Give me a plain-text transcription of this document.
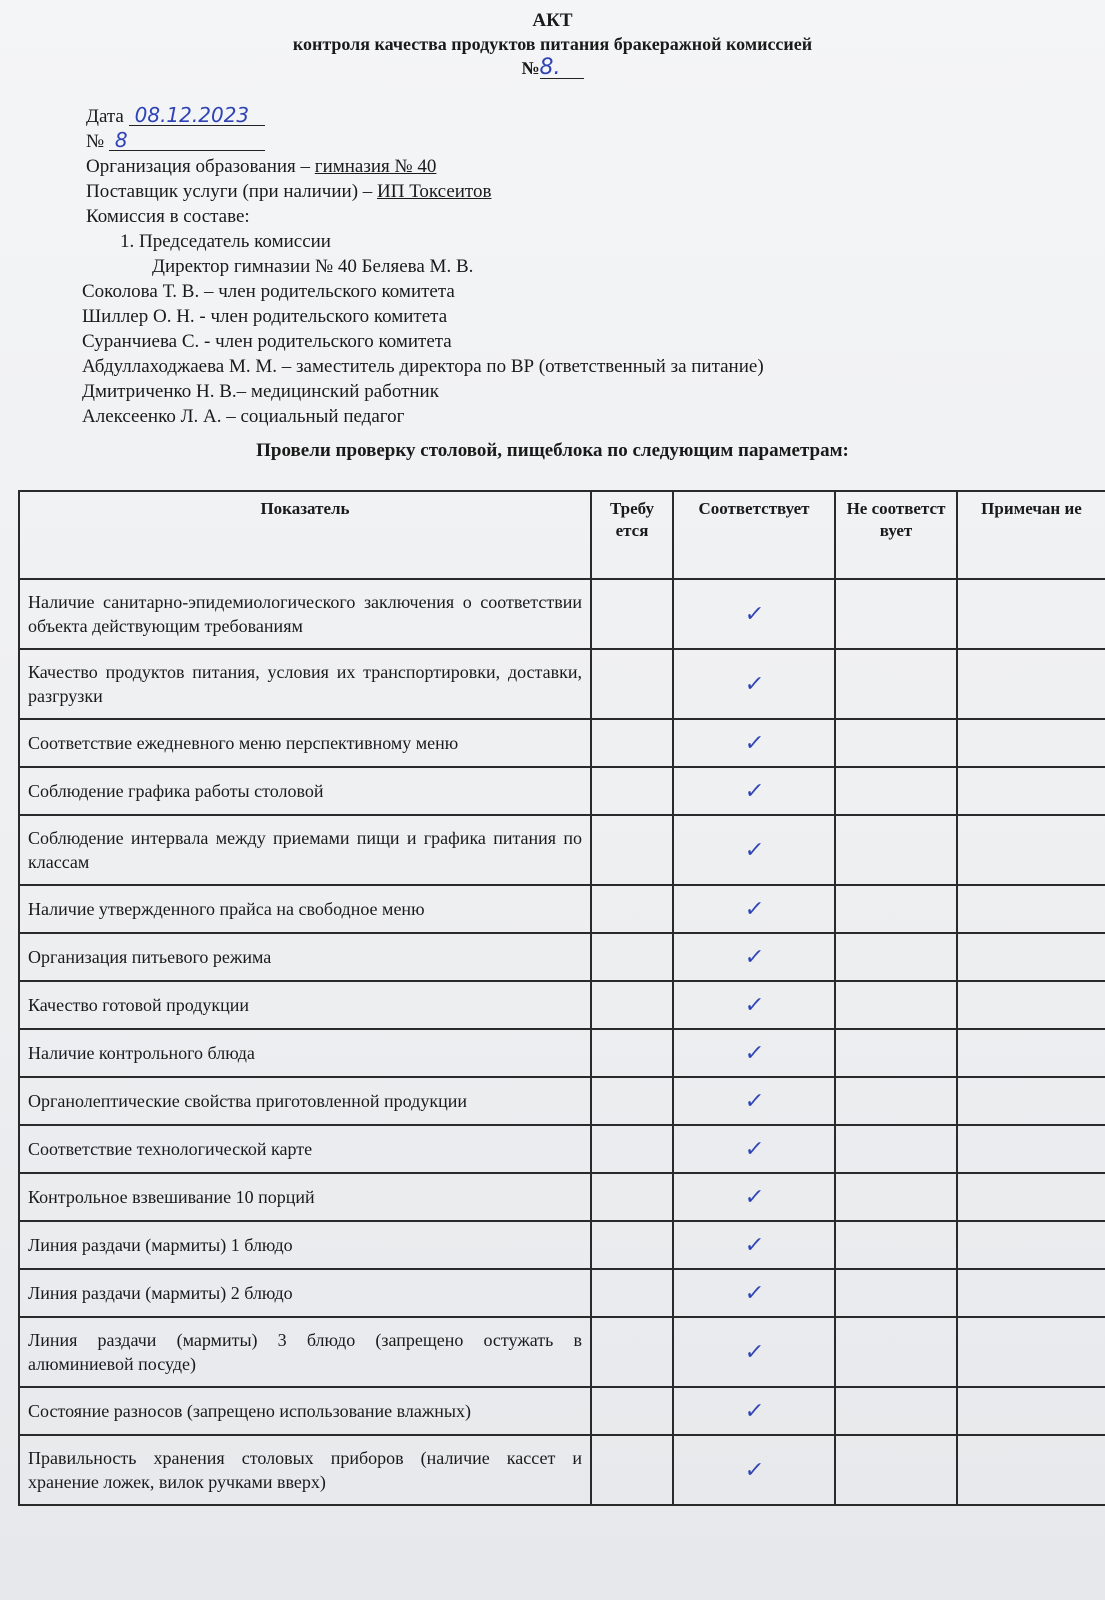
АКТ
контроля качества продуктов питания бракеражной комиссией
№8.
Дата 08.12.2023
№ 8
Организация образования – гимназия № 40
Поставщик услуги (при наличии) – ИП Токсеитов
Комиссия в составе:
1. Председатель комиссии
Директор гимназии № 40 Беляева М. В.
Соколова Т. В. – член родительского комитета
Шиллер О. Н. - член родительского комитета
Суранчиева С. - член родительского комитета
Абдуллаходжаева М. М. – заместитель директора по ВР (ответственный за питание)
Дмитриченко Н. В.– медицинский работник
Алексеенко Л. А. – социальный педагог
Провели проверку столовой, пищеблока по следующим параметрам:
Показатель	Требу ется	Соответствует	Не соответст вует	Примечан ие
Наличие санитарно-эпидемиологического заключения о соответствии объекта действующим требованиям		✓		
Качество продуктов питания, условия их транспортировки, доставки, разгрузки		✓		
Соответствие ежедневного меню перспективному меню		✓		
Соблюдение графика работы столовой		✓		
Соблюдение интервала между приемами пищи и графика питания по классам		✓		
Наличие утвержденного прайса на свободное меню		✓		
Организация питьевого режима		✓		
Качество готовой продукции		✓		
Наличие контрольного блюда		✓		
Органолептические свойства приготовленной продукции		✓		
Соответствие технологической карте		✓		
Контрольное взвешивание 10 порций		✓		
Линия раздачи (мармиты) 1 блюдо		✓		
Линия раздачи (мармиты) 2 блюдо		✓		
Линия раздачи (мармиты) 3 блюдо (запрещено остужать в алюминиевой посуде)		✓		
Состояние разносов (запрещено использование влажных)		✓		
Правильность хранения столовых приборов (наличие кассет и хранение ложек, вилок ручками вверх)		✓		
